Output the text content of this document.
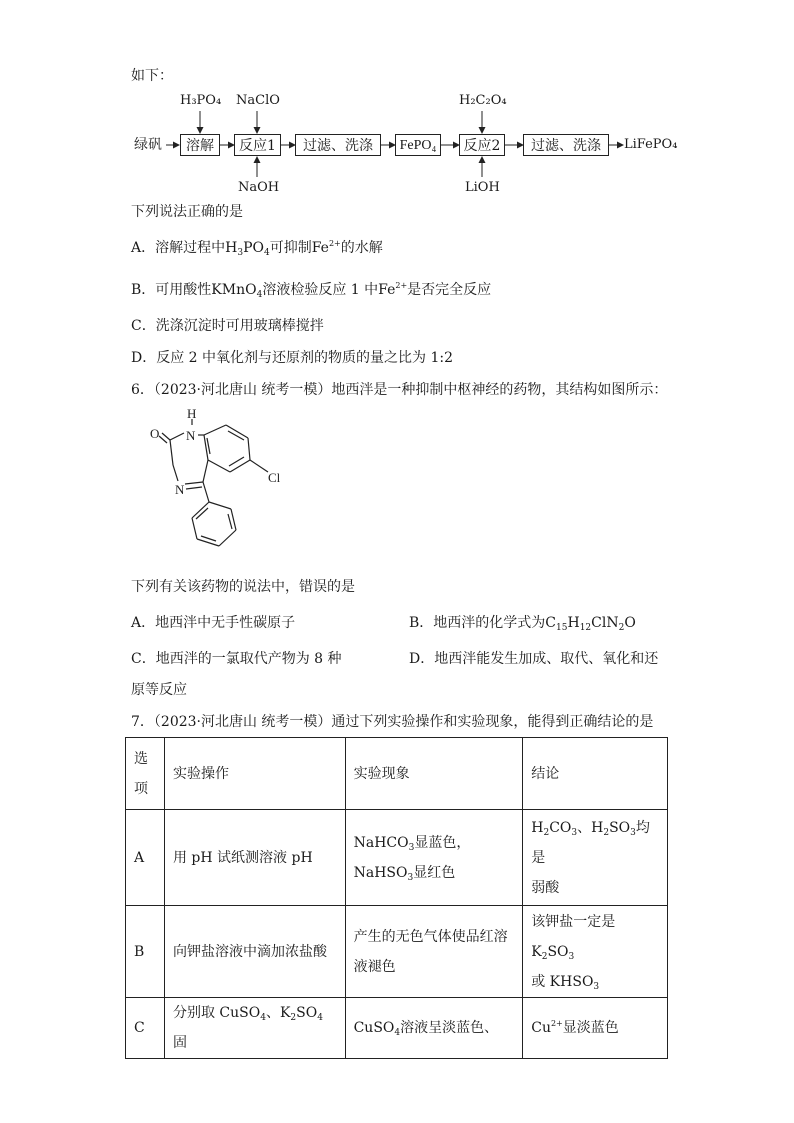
如下：
绿矾	溶解	反应1	过滤、洗涤	FePO₄	反应2	过滤、洗涤	LiFePO₄
H₃PO₄ NaClO	H₂C₂O₄
NaOH	LiOH
下列说法正确的是
A．溶解过程中$H_3PO_4$可抑制$Fe^{2+}$的水解
B．可用酸性KMnO$_4$溶液检验反应 1 中$Fe^{2+}$是否完全反应
C．洗涤沉淀时可用玻璃棒搅拌
D．反应 2 中氧化剂与还原剂的物质的量之比为 1:2
6．（2023·河北唐山 统考一模）地西泮是一种抑制中枢神经的药物，其结构如图所示：
H
N
O
N
Cl
下列有关该药物的说法中，错误的是
A．地西泮中无手性碳原子	B．地西泮的化学式为$C_{15}H_{12}ClN_2O$
C．地西泮的一氯取代产物为 8 种	D．地西泮能发生加成、取代、氧化和还
原等反应
7．（2023·河北唐山 统考一模）通过下列实验操作和实验现象，能得到正确结论的是
选
项	实验操作	实验现象	结论
A	用 pH 试纸测溶液 pH	NaHCO$_3$显蓝色，
NaHSO$_3$显红色	$H_2CO_3$、$H_2SO_3$均是
弱酸
B	向钾盐溶液中滴加浓盐酸	产生的无色气体使品红溶
液褪色	该钾盐一定是 $K_2SO_3$
或 $KHSO_3$
C	分别取 CuSO$_4$、$K_2SO_4$固	CuSO$_4$溶液呈淡蓝色、	$Cu^{2+}$显淡蓝色
